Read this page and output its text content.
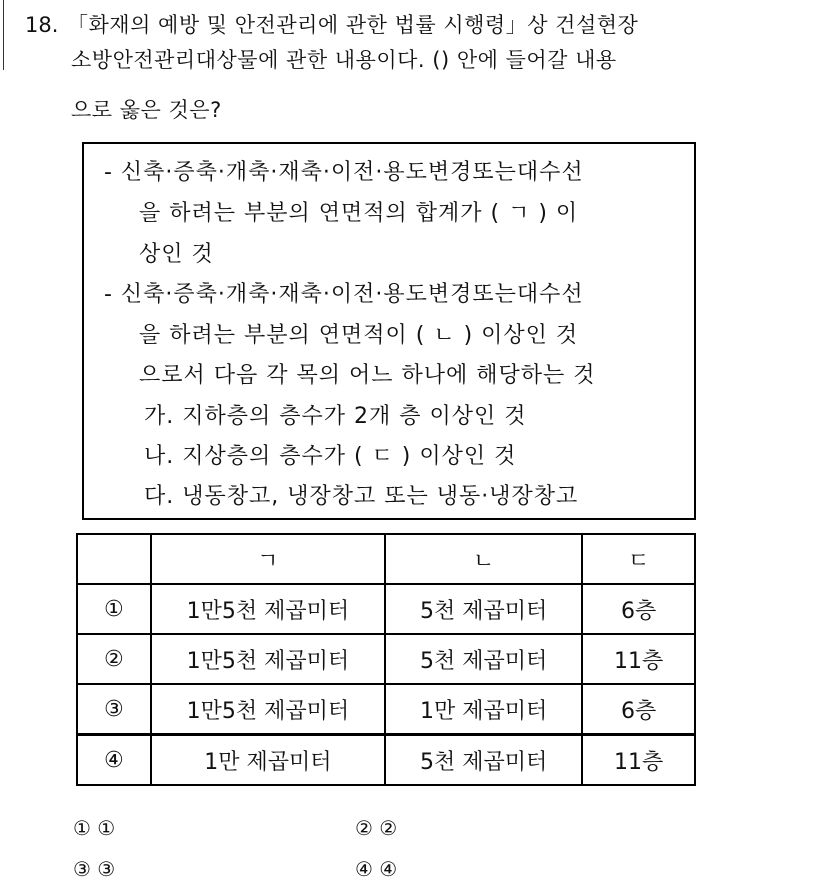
18. 「화재의 예방 및 안전관리에 관한 법률 시행령」상 건설현장
소방안전관리대상물에 관한 내용이다. () 안에 들어갈 내용
으로 옳은 것은?
- 신축·증축·개축·재축·이전·용도변경또는대수선
을 하려는 부분의 연면적의 합계가 ( ㄱ ) 이
상인 것
- 신축·증축·개축·재축·이전·용도변경또는대수선
을 하려는 부분의 연면적이 ( ㄴ ) 이상인 것
으로서 다음 각 목의 어느 하나에 해당하는 것
가. 지하층의 층수가 2개 층 이상인 것
나. 지상층의 층수가 ( ㄷ ) 이상인 것
다. 냉동창고, 냉장창고 또는 냉동·냉장창고
	ㄱ	ㄴ	ㄷ
①	1만5천 제곱미터	5천 제곱미터	6층
②	1만5천 제곱미터	5천 제곱미터	11층
③	1만5천 제곱미터	1만 제곱미터	6층
④	1만 제곱미터	5천 제곱미터	11층
① ①	② ②
③ ③	④ ④
